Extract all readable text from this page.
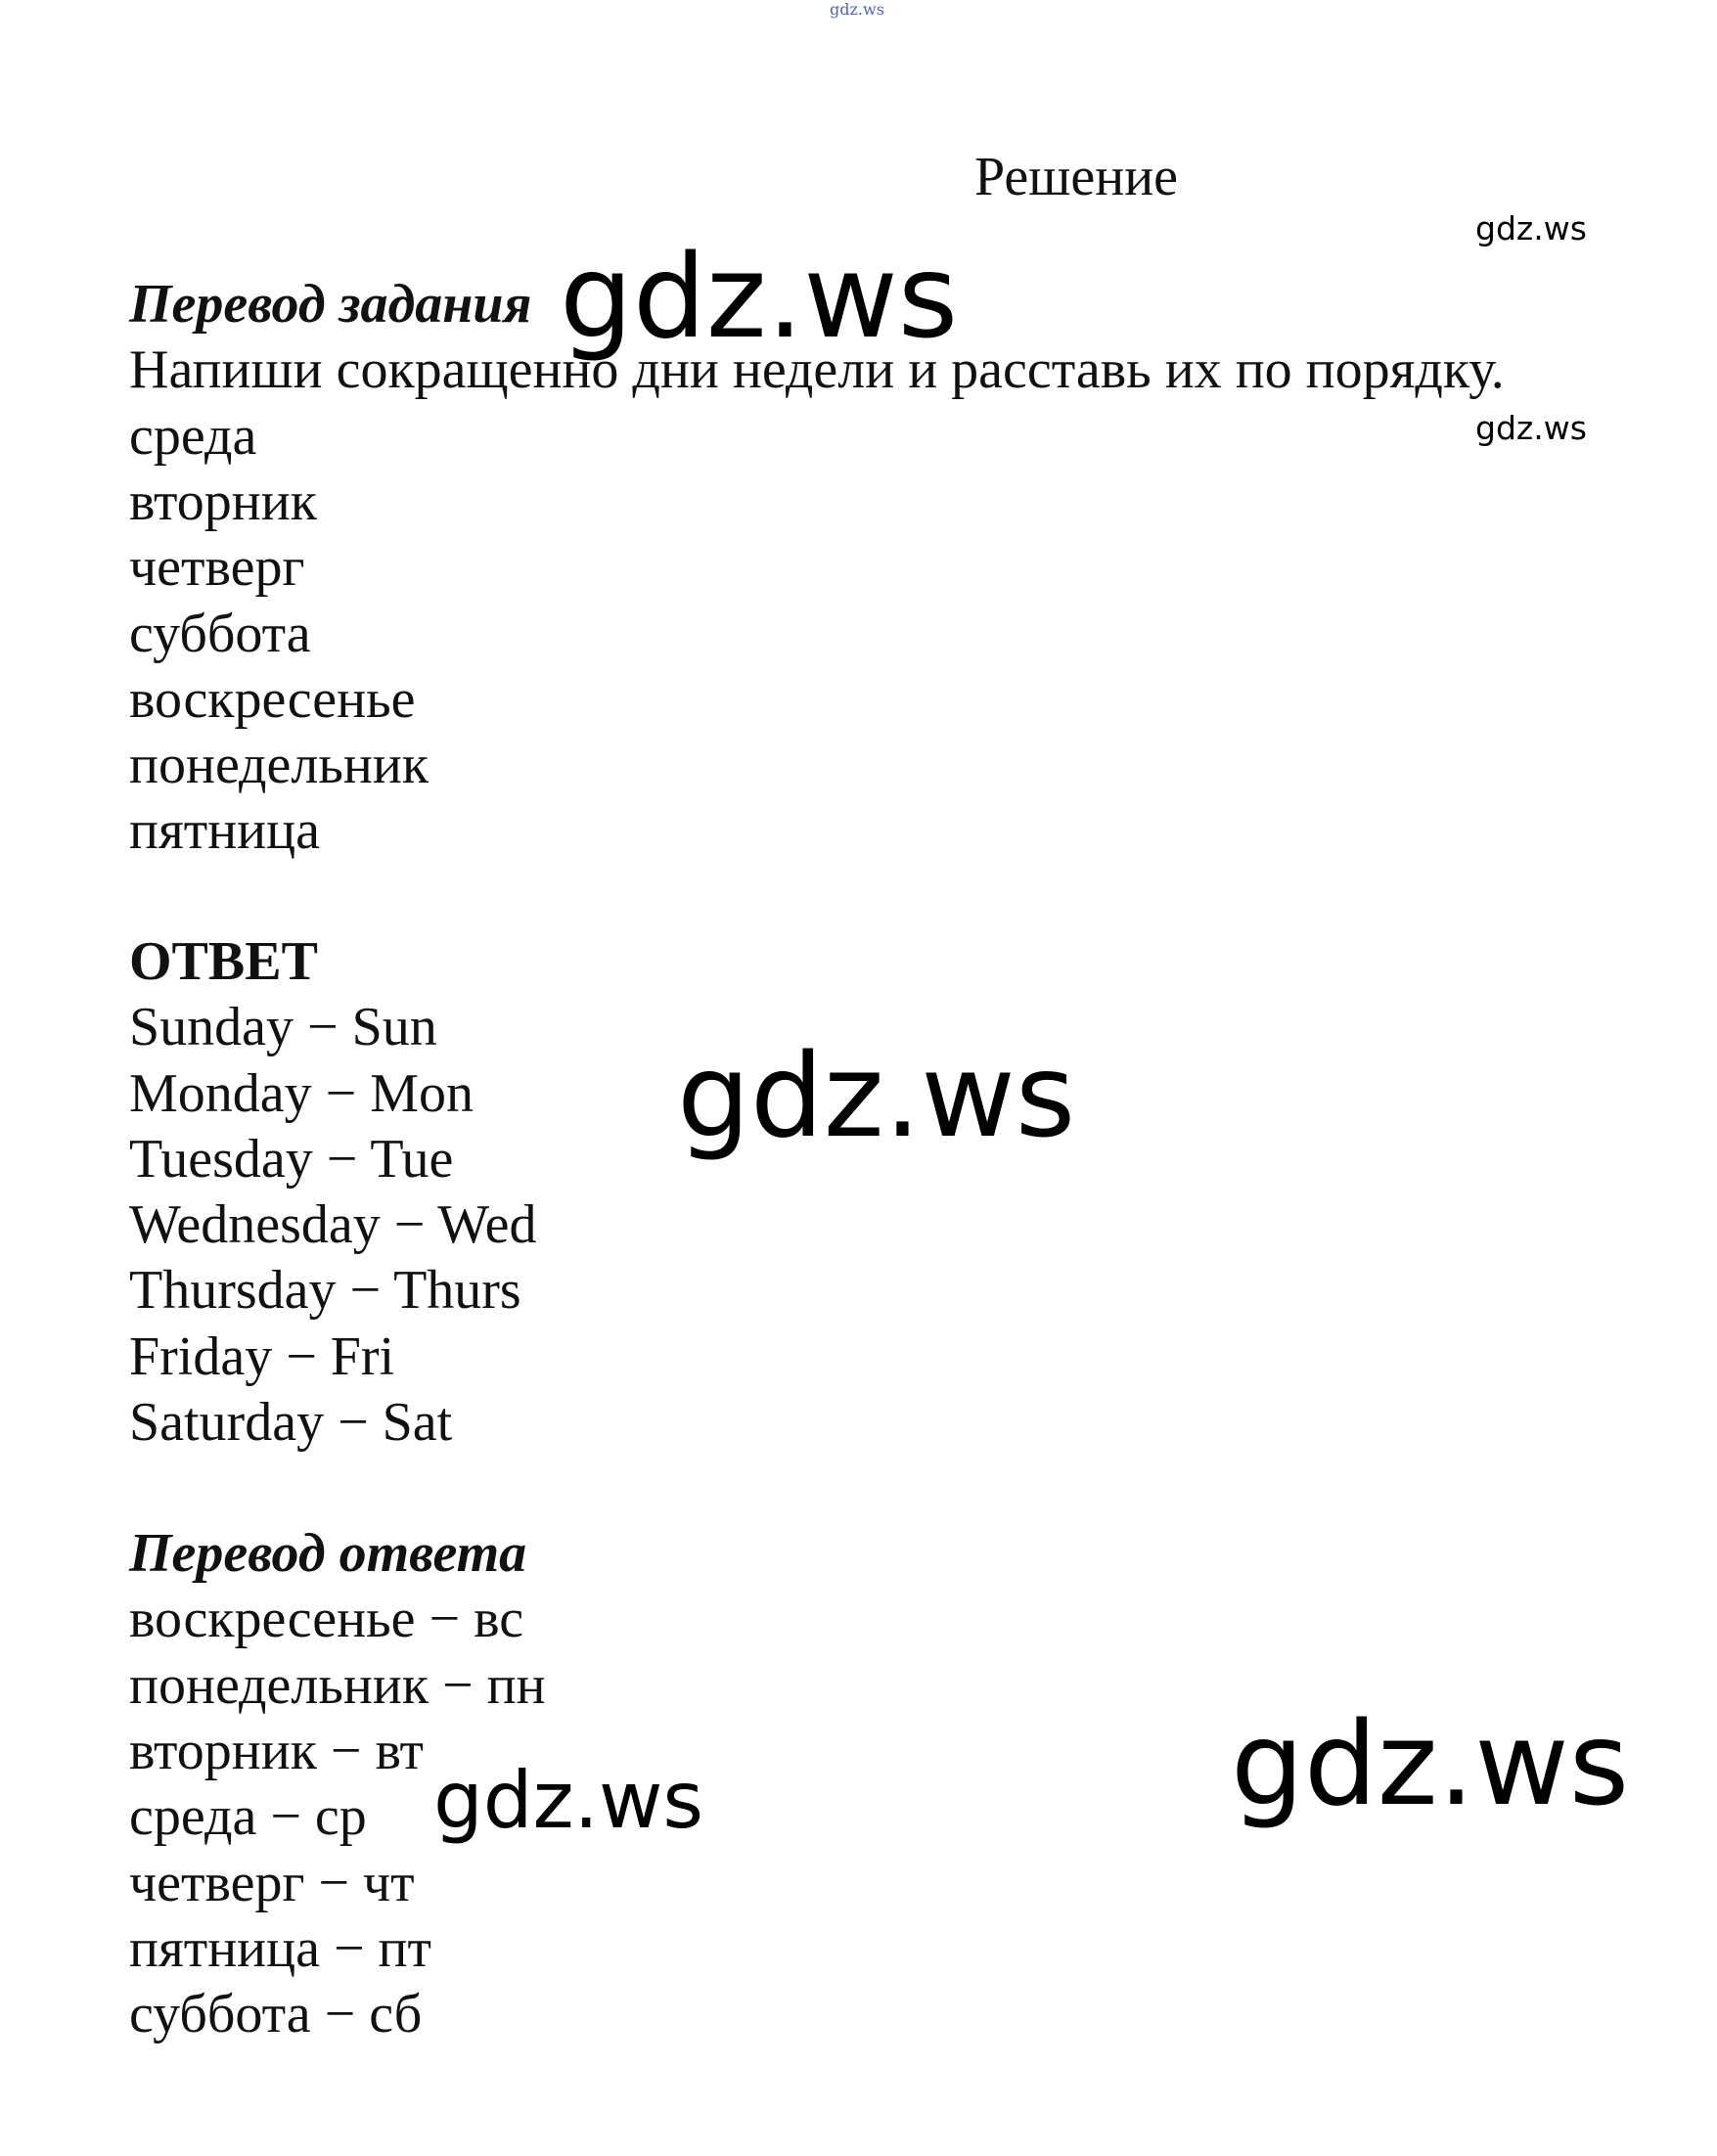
gdz.ws
Решение
gdz.ws
Перевод задания gdz.ws
Напиши сокращенно дни недели и расставь их по порядку.
gdz.ws
среда
вторник
четверг
суббота
воскресенье
понедельник
пятница
ОТВЕТ
Sunday − Sun
Monday − Mon
Tuesday − Tue
Wednesday − Wed
Thursday − Thurs
Friday − Fri
Saturday − Sat
gdz.ws
Перевод ответа
воскресенье − вс
понедельник − пн
вторник − вт
среда − ср
четверг − чт
пятница − пт
суббота − сб
gdz.ws	gdz.ws
